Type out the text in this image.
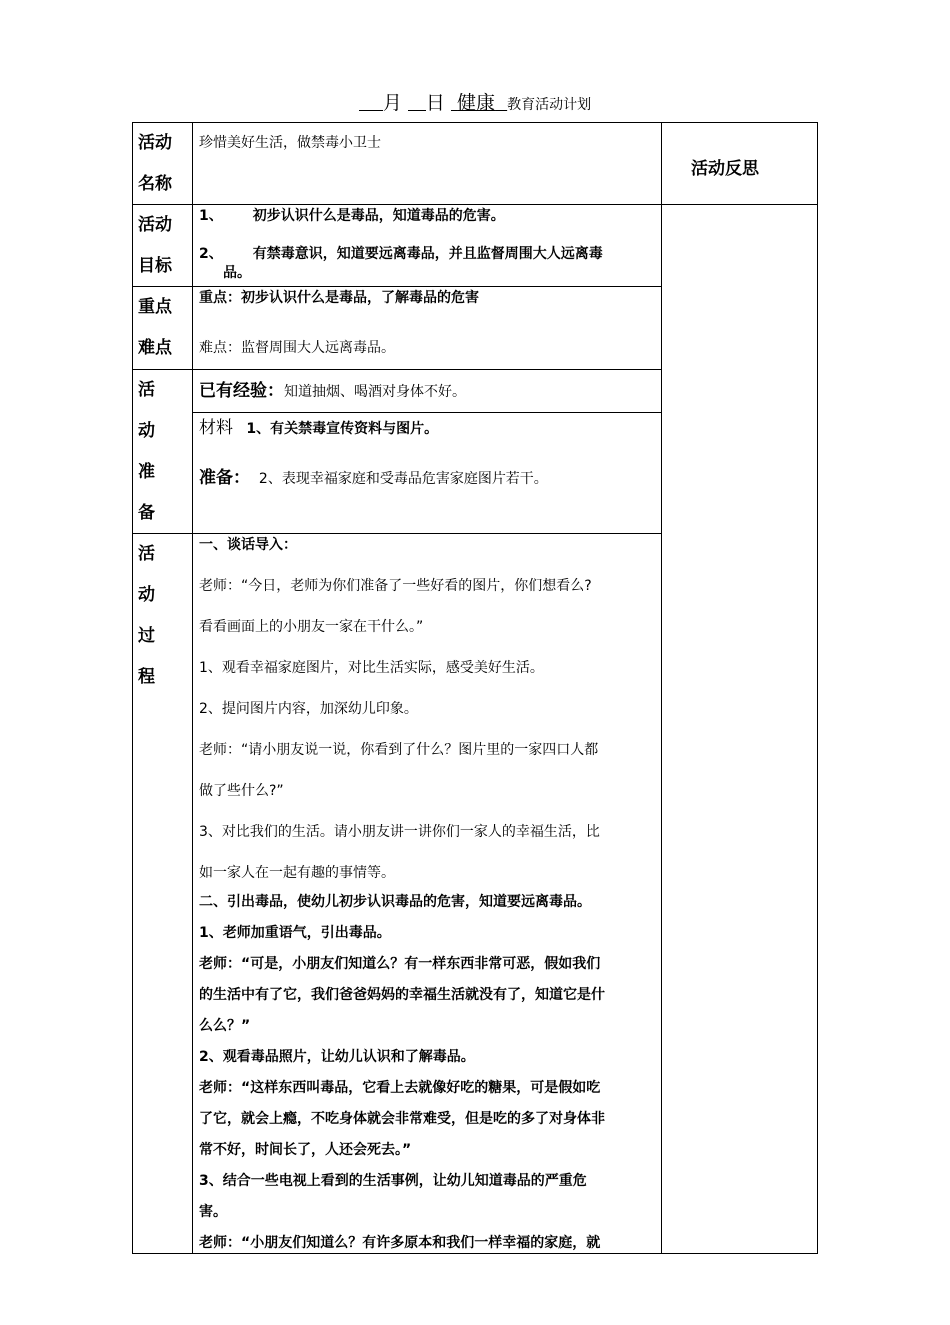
月 日 健康 教育活动计划
活动
名称
珍惜美好生活，做禁毒小卫士
活动反思
活动
目标
1、 初步认识什么是毒品，知道毒品的危害。
2、 有禁毒意识，知道要远离毒品，并且监督周围大人远离毒
品。
重点
难点
重点：初步认识什么是毒品，了解毒品的危害
难点：监督周围大人远离毒品。
活
动
准
备
已有经验：知道抽烟、喝酒对身体不好。
材料 1、有关禁毒宣传资料与图片。
准备： 2、表现幸福家庭和受毒品危害家庭图片若干。
活
动
过
程
一、谈话导入：
老师：“今日，老师为你们准备了一些好看的图片，你们想看么?
看看画面上的小朋友一家在干什么。”
1、观看幸福家庭图片，对比生活实际，感受美好生活。
2、提问图片内容，加深幼儿印象。
老师：“请小朋友说一说，你看到了什么？图片里的一家四口人都
做了些什么?”
3、对比我们的生活。请小朋友讲一讲你们一家人的幸福生活，比
如一家人在一起有趣的事情等。
二、引出毒品，使幼儿初步认识毒品的危害，知道要远离毒品。
1、老师加重语气，引出毒品。
老师：“可是，小朋友们知道么？有一样东西非常可恶，假如我们
的生活中有了它，我们爸爸妈妈的幸福生活就没有了，知道它是什
么么？”
2、观看毒品照片，让幼儿认识和了解毒品。
老师：“这样东西叫毒品，它看上去就像好吃的糖果，可是假如吃
了它，就会上瘾，不吃身体就会非常难受，但是吃的多了对身体非
常不好，时间长了，人还会死去。”
3、结合一些电视上看到的生活事例，让幼儿知道毒品的严重危
害。
老师：“小朋友们知道么？有许多原本和我们一样幸福的家庭，就
